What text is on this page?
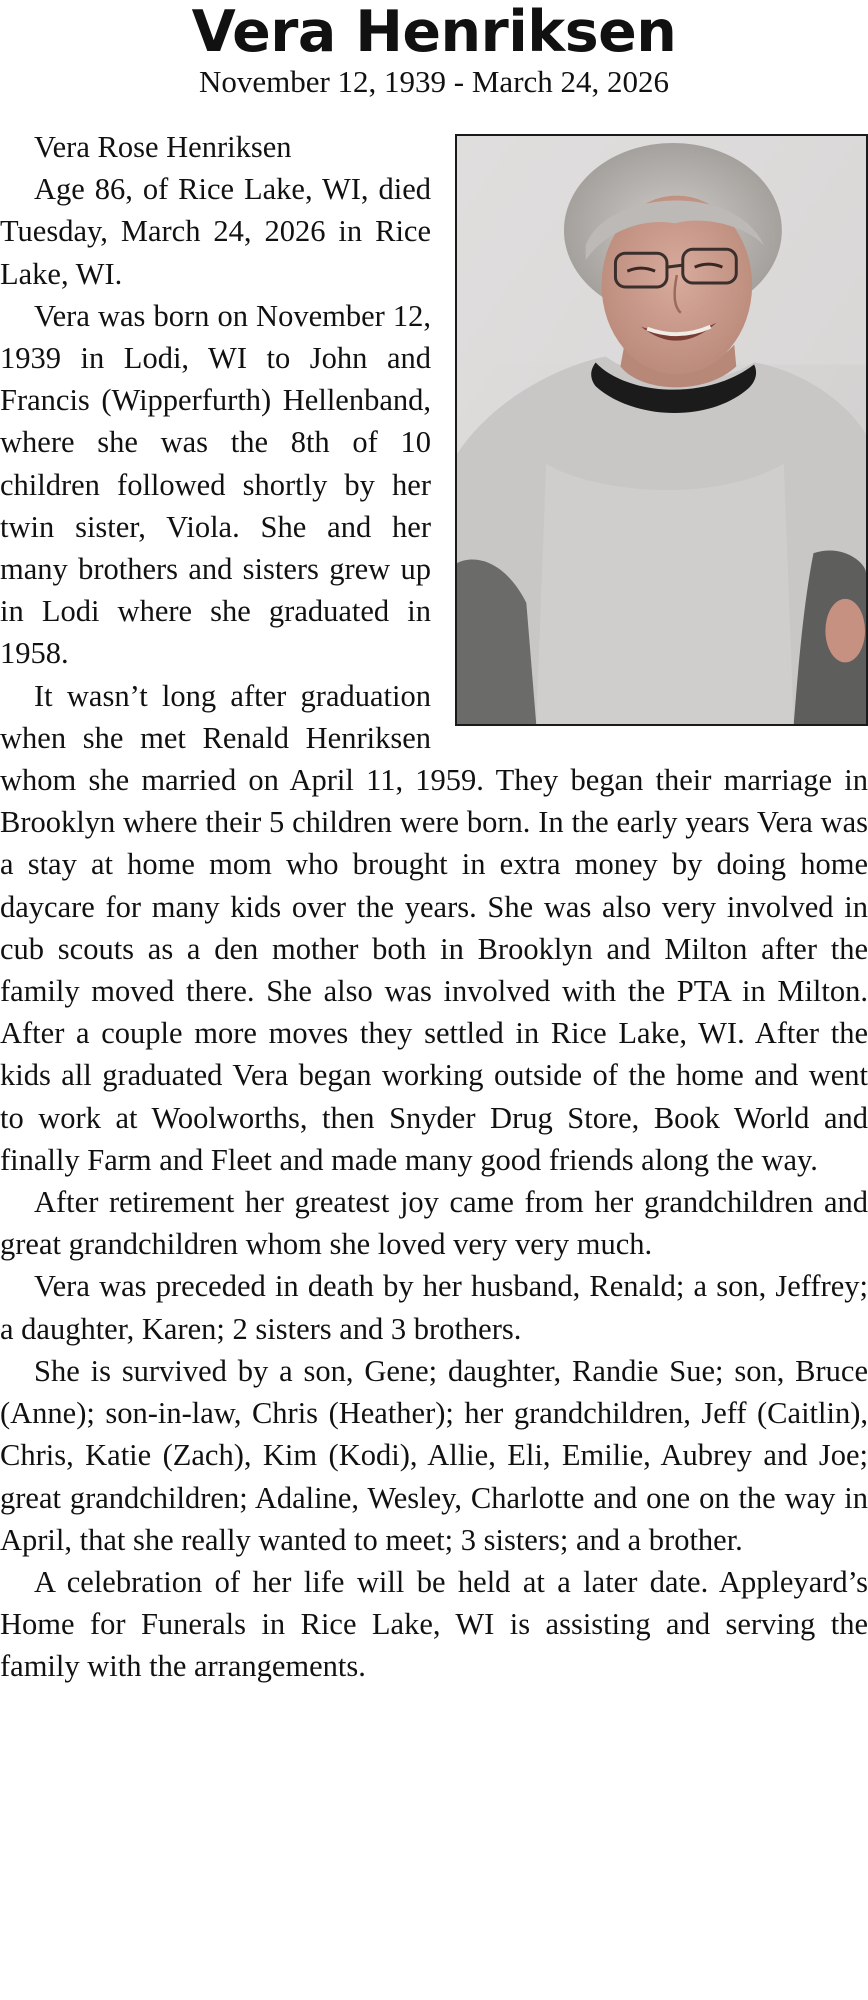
Vera Henriksen
November 12, 1939 - March 24, 2026

Vera Rose Henriksen

Age 86, of Rice Lake, WI, died Tuesday, March 24, 2026 in Rice Lake, WI.

Vera was born on November 12, 1939 in Lodi, WI to John and Francis (Wipperfurth) Hellenband, where she was the 8th of 10 children followed shortly by her twin sister, Viola. She and her many brothers and sisters grew up in Lodi where she graduated in 1958.

It wasn’t long after graduation when she met Renald Henriksen whom she married on April 11, 1959. They began their marriage in Brooklyn where their 5 children were born. In the early years Vera was a stay at home mom who brought in extra money by doing home daycare for many kids over the years. She was also very involved in cub scouts as a den mother both in Brooklyn and Milton after the family moved there. She also was involved with the PTA in Milton. After a couple more moves they settled in Rice Lake, WI. After the kids all graduated Vera began working outside of the home and went to work at Woolworths, then Snyder Drug Store, Book World and finally Farm and Fleet and made many good friends along the way.

After retirement her greatest joy came from her grandchildren and great grandchildren whom she loved very very much.

Vera was preceded in death by her husband, Renald; a son, Jeffrey; a daughter, Karen; 2 sisters and 3 brothers.

She is survived by a son, Gene; daughter, Randie Sue; son, Bruce (Anne); son-in-law, Chris (Heather); her grandchildren, Jeff (Caitlin), Chris, Katie (Zach), Kim (Kodi), Allie, Eli, Emilie, Aubrey and Joe; great grandchildren; Adaline, Wesley, Charlotte and one on the way in April, that she really wanted to meet; 3 sisters; and a brother.

A celebration of her life will be held at a later date. Appleyard’s Home for Funerals in Rice Lake, WI is assisting and serving the family with the arrangements.
